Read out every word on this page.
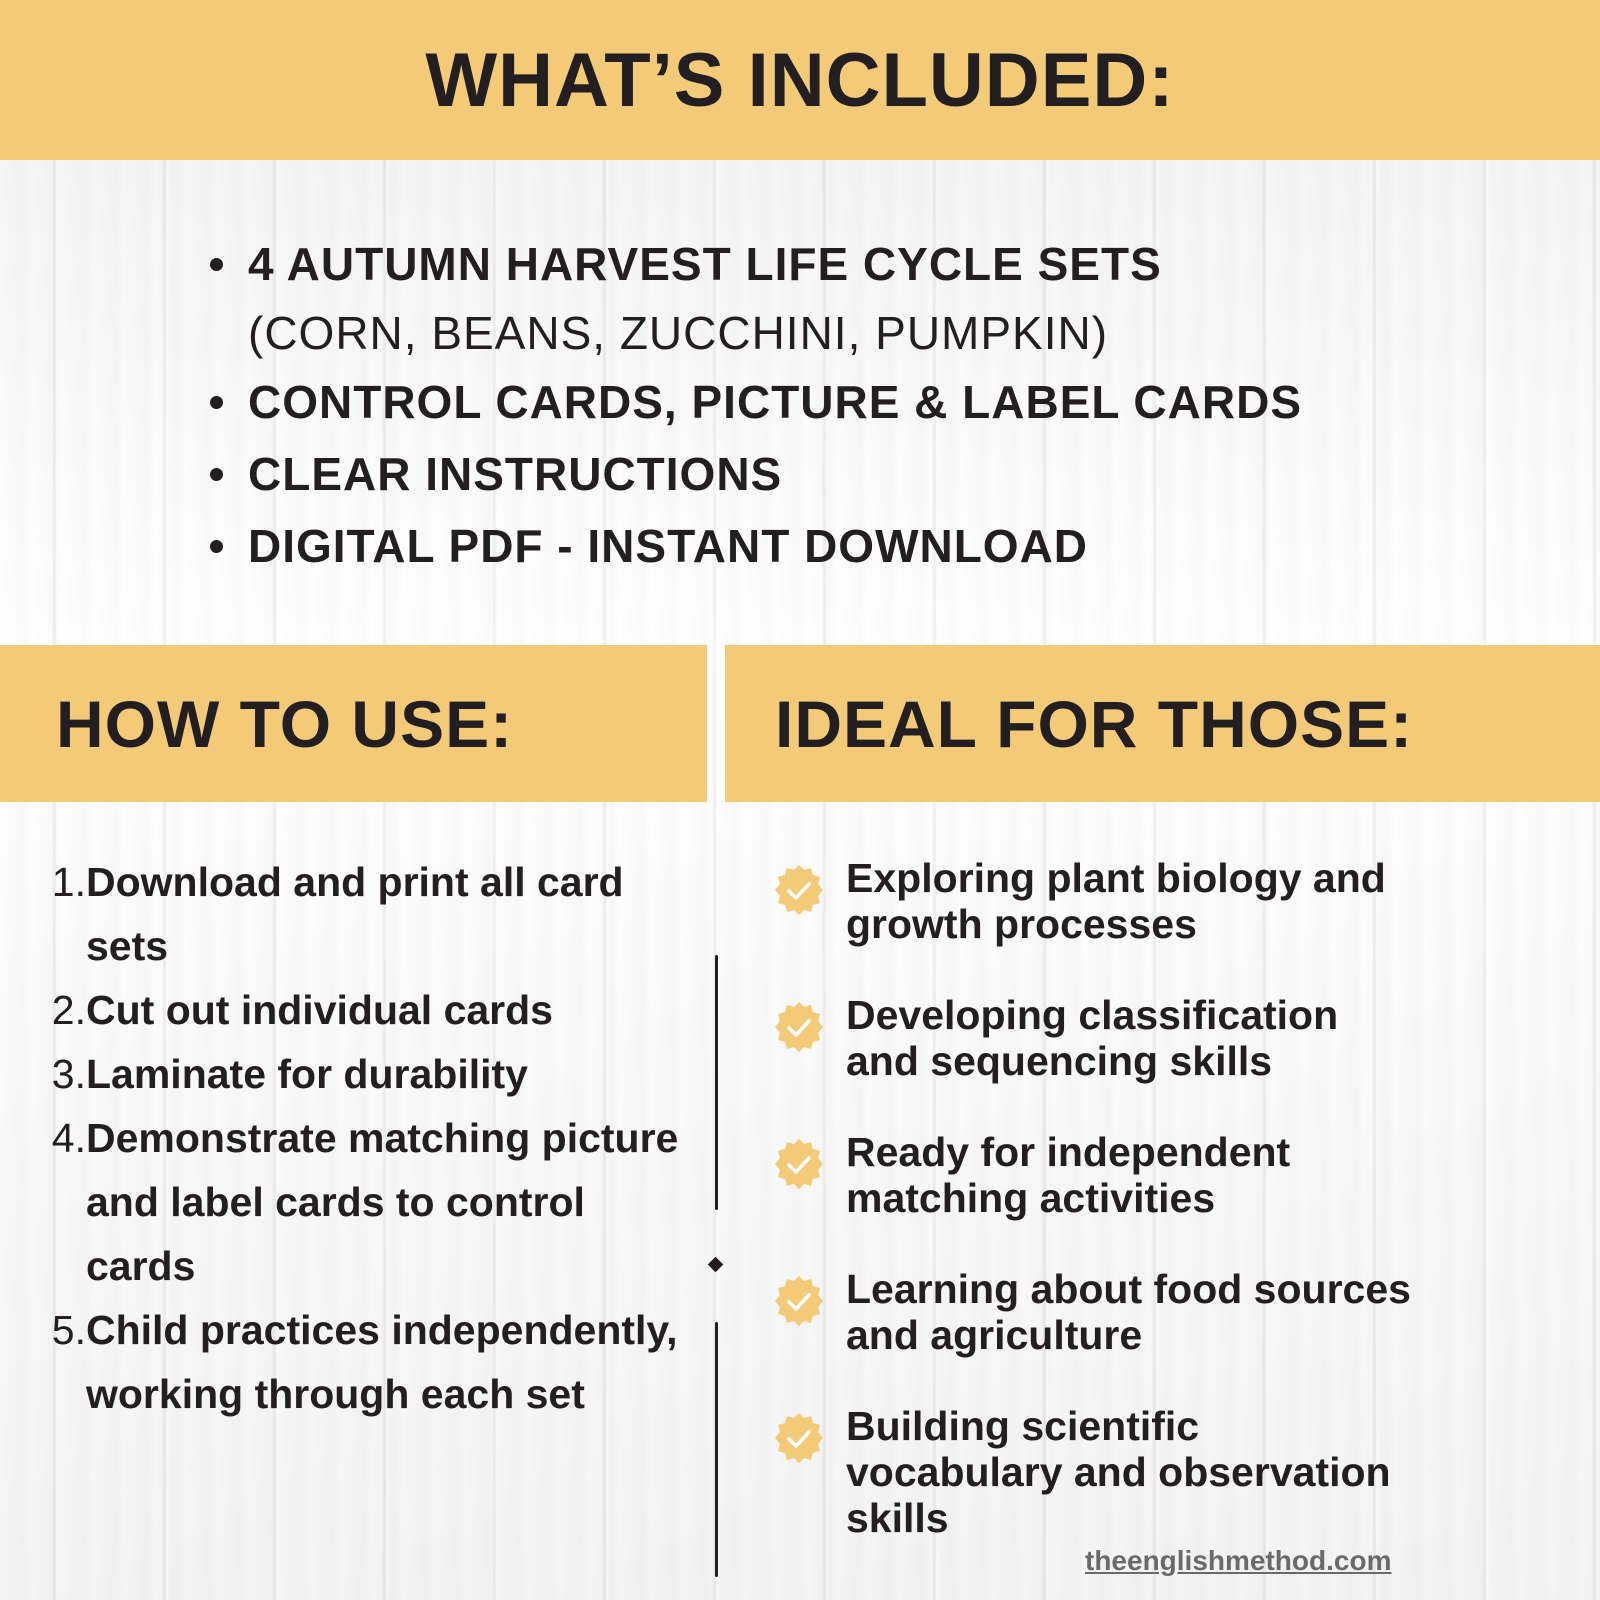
WHAT’S INCLUDED:
4 AUTUMN HARVEST LIFE CYCLE SETS
(CORN, BEANS, ZUCCHINI, PUMPKIN)
CONTROL CARDS, PICTURE & LABEL CARDS
CLEAR INSTRUCTIONS
DIGITAL PDF - INSTANT DOWNLOAD
HOW TO USE:	IDEAL FOR THOSE:
1. Download and print all card sets
2. Cut out individual cards
3. Laminate for durability
4. Demonstrate matching picture and label cards to control cards
5. Child practices independently, working through each set
Exploring plant biology and
growth processes
Developing classification
and sequencing skills
Ready for independent
matching activities
Learning about food sources
and agriculture
Building scientific
vocabulary and observation
skills
theenglishmethod.com
